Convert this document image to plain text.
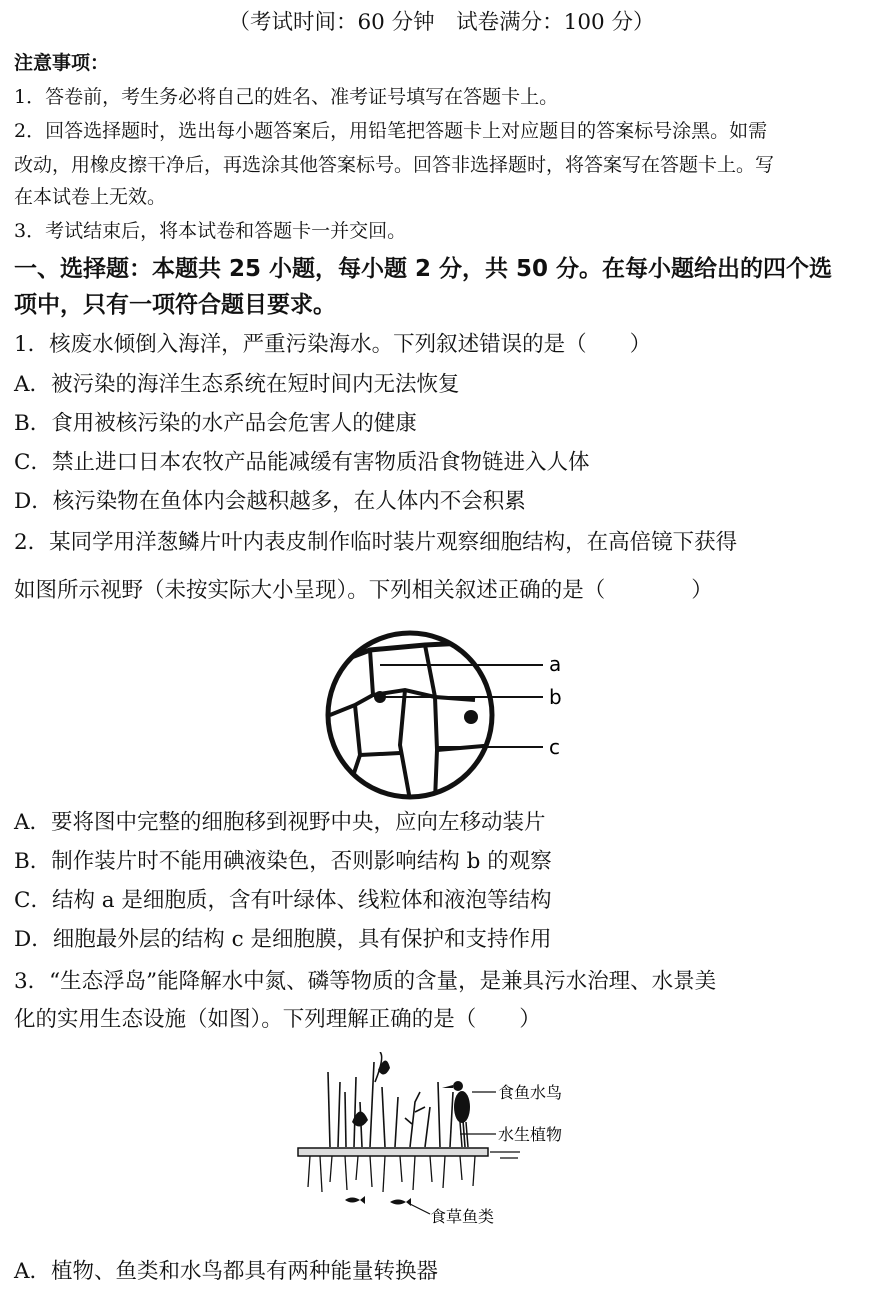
（考试时间：60 分钟　试卷满分：100 分）
注意事项：
1．答卷前，考生务必将自己的姓名、准考证号填写在答题卡上。
2．回答选择题时，选出每小题答案后，用铅笔把答题卡上对应题目的答案标号涂黑。如需
改动，用橡皮擦干净后，再选涂其他答案标号。回答非选择题时，将答案写在答题卡上。写
在本试卷上无效。
3．考试结束后，将本试卷和答题卡一并交回。
一、选择题：本题共 25 小题，每小题 2 分，共 50 分。在每小题给出的四个选
项中，只有一项符合题目要求。
1．核废水倾倒入海洋，严重污染海水。下列叙述错误的是（　　）
A．被污染的海洋生态系统在短时间内无法恢复
B．食用被核污染的水产品会危害人的健康
C．禁止进口日本农牧产品能减缓有害物质沿食物链进入人体
D．核污染物在鱼体内会越积越多，在人体内不会积累
2．某同学用洋葱鳞片叶内表皮制作临时装片观察细胞结构，在高倍镜下获得
如图所示视野（未按实际大小呈现）。下列相关叙述正确的是（　　　　）
a
b
c
A．要将图中完整的细胞移到视野中央，应向左移动装片
B．制作装片时不能用碘液染色，否则影响结构 b 的观察
C．结构 a 是细胞质，含有叶绿体、线粒体和液泡等结构
D．细胞最外层的结构 c 是细胞膜，具有保护和支持作用
3．“生态浮岛”能降解水中氮、磷等物质的含量，是兼具污水治理、水景美
化的实用生态设施（如图）。下列理解正确的是（　　）
食鱼水鸟
水生植物
食草鱼类
A．植物、鱼类和水鸟都具有两种能量转换器
